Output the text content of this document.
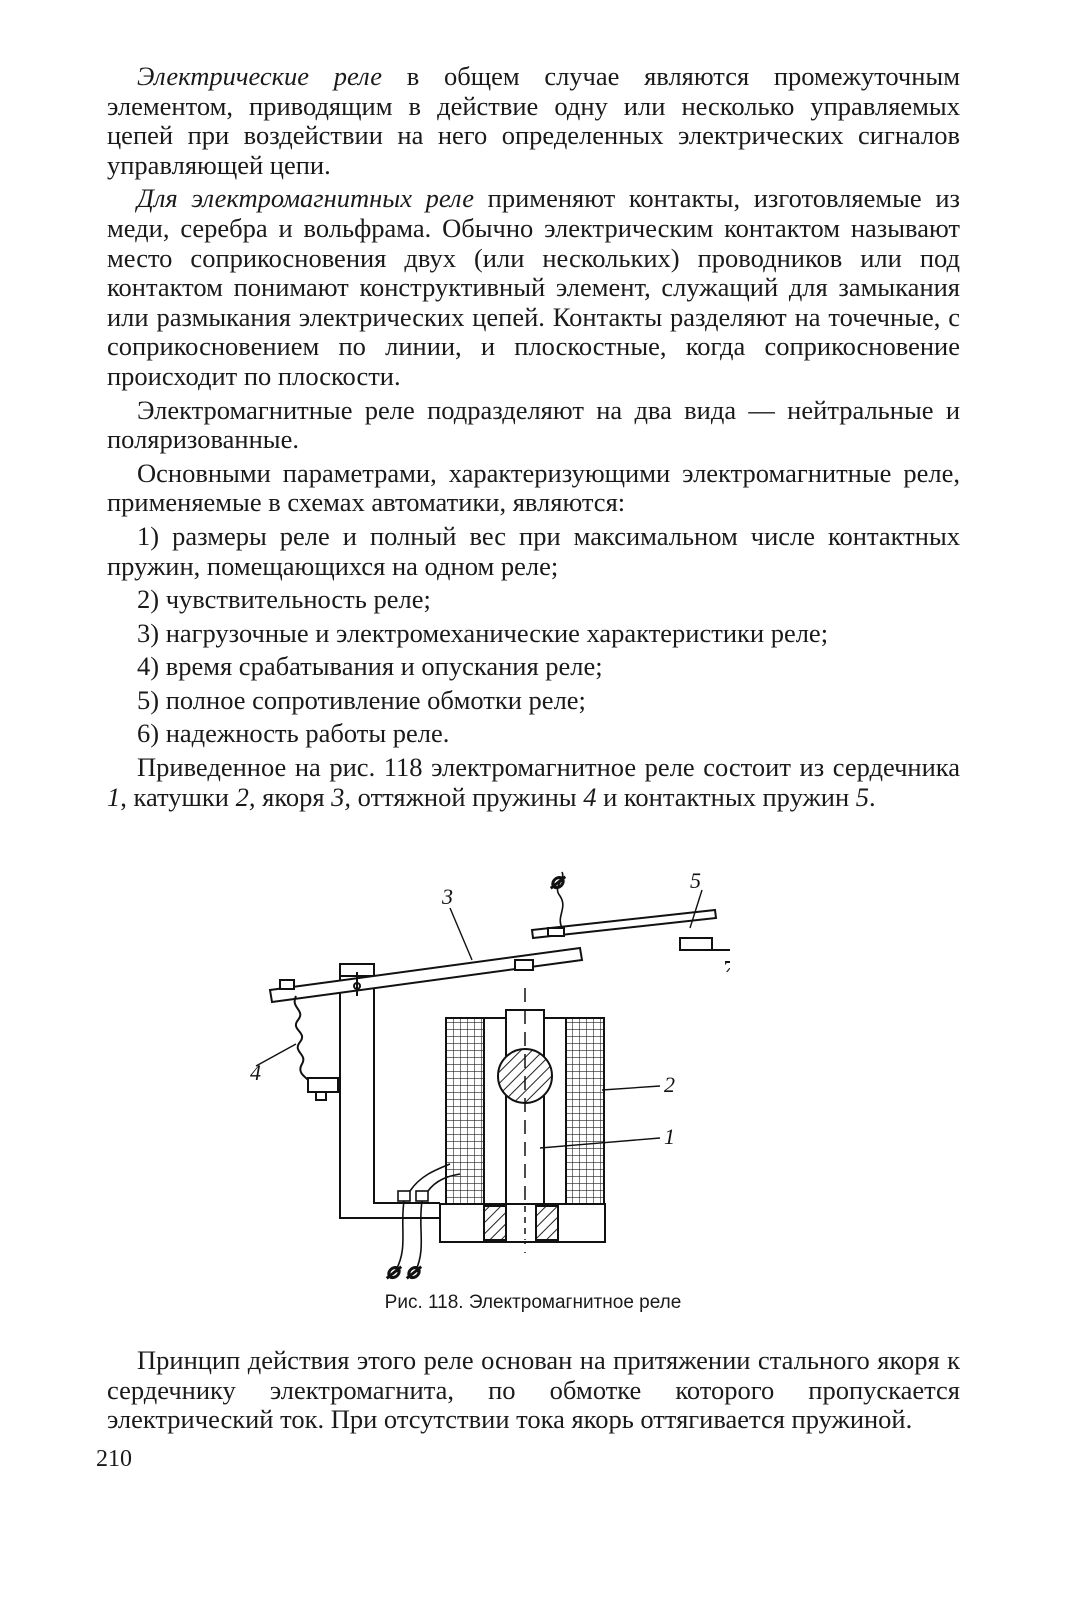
Электрические реле в общем случае являются промежуточным элементом, приводящим в действие одну или несколько управляемых цепей при воздействии на него определенных электрических сигналов управляющей цепи.

Для электромагнитных реле применяют контакты, изготовляемые из меди, серебра и вольфрама. Обычно электрическим контактом называют место соприкосновения двух (или нескольких) проводников или под контактом понимают конструктивный элемент, служащий для замыкания или размыкания электрических цепей. Контакты разделяют на точечные, с соприкосновением по линии, и плоскостные, когда соприкосновение происходит по плоскости.

Электромагнитные реле подразделяют на два вида — нейтральные и поляризованные.

Основными параметрами, характеризующими электромагнитные реле, применяемые в схемах автоматики, являются:

1) размеры реле и полный вес при максимальном числе контактных пружин, помещающихся на одном реле;

2) чувствительность реле;

3) нагрузочные и электромеханические характеристики реле;

4) время срабатывания и опускания реле;

5) полное сопротивление обмотки реле;

6) надежность работы реле.

Приведенное на рис. 118 электромагнитное реле состоит из сердечника 1, катушки 2, якоря 3, оттяжной пружины 4 и контактных пружин 5.

⌀ ⌀
⌀
3
5
4	2
1
Рис. 118. Электромагнитное реле

Принцип действия этого реле основан на притяжении стального якоря к сердечнику электромагнита, по обмотке которого пропускается электрический ток. При отсутствии тока якорь оттягивается пружиной.

210
